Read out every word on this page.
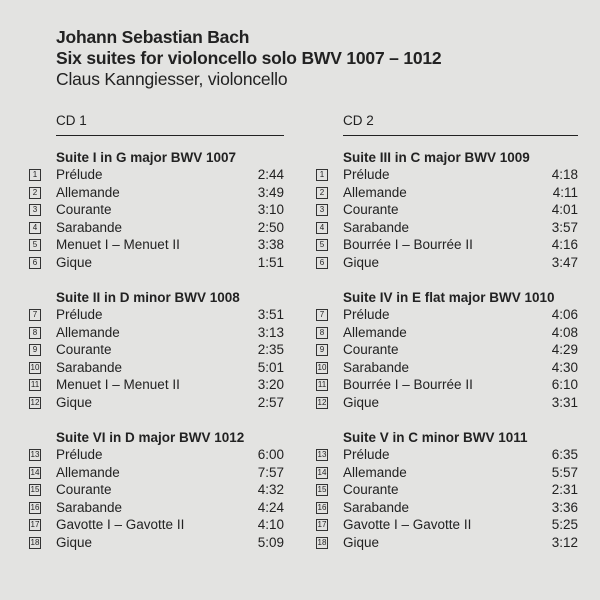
Johann Sebastian Bach
Six suites for violoncello solo BWV 1007 – 1012
Claus Kanngiesser, violoncello
CD 1
Suite I in G major BWV 1007
1 Prélude	2:44
2 Allemande	3:49
3 Courante	3:10
4 Sarabande	2:50
5 Menuet I – Menuet II	3:38
6 Gique	1:51
Suite II in D minor BWV 1008
7 Prélude	3:51
8 Allemande	3:13
9 Courante	2:35
10 Sarabande	5:01
11 Menuet I – Menuet II	3:20
12 Gique	2:57
Suite VI in D major BWV 1012
13 Prélude	6:00
14 Allemande	7:57
15 Courante	4:32
16 Sarabande	4:24
17 Gavotte I – Gavotte II	4:10
18 Gique	5:09
CD 2
Suite III in C major BWV 1009
1 Prélude	4:18
2 Allemande	4:11
3 Courante	4:01
4 Sarabande	3:57
5 Bourrée I – Bourrée II	4:16
6 Gique	3:47
Suite IV in E flat major BWV 1010
7 Prélude	4:06
8 Allemande	4:08
9 Courante	4:29
10 Sarabande	4:30
11 Bourrée I – Bourrée II	6:10
12 Gique	3:31
Suite V in C minor BWV 1011
13 Prélude	6:35
14 Allemande	5:57
15 Courante	2:31
16 Sarabande	3:36
17 Gavotte I – Gavotte II	5:25
18 Gique	3:12
